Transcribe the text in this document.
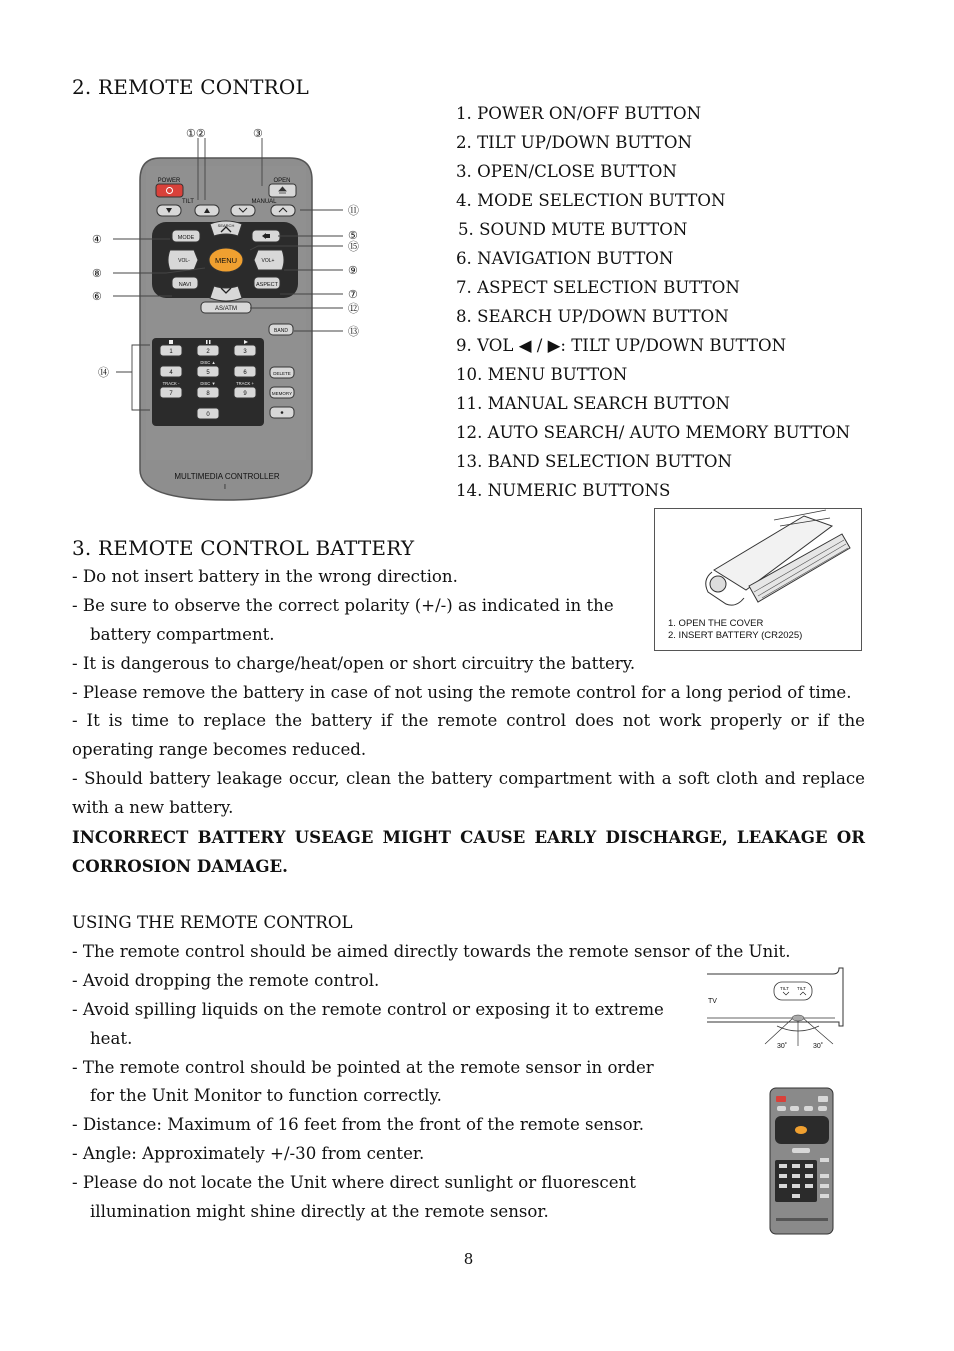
2. REMOTE CONTROL
1. POWER ON/OFF BUTTON
2. TILT UP/DOWN BUTTON
3. OPEN/CLOSE BUTTON
4. MODE SELECTION BUTTON
5. SOUND MUTE BUTTON
6. NAVIGATION BUTTON
7. ASPECT SELECTION BUTTON
8. SEARCH UP/DOWN BUTTON
9. VOL ◀ / ▶: TILT UP/DOWN BUTTON
10. MENU BUTTON
11. MANUAL SEARCH BUTTON
12. AUTO SEARCH/ AUTO MEMORY BUTTON
13. BAND SELECTION BUTTON
14. NUMERIC BUTTONS
POWER	OPEN
TILT	MANUAL
MODE
SEARCH
VOL-	VOL+
MENU
NAVI	ASPECT
AS/ATM
BAND
1	2	3
4	5	6
7	8	9
0
DISC ▲
TRACK -	DISC ▼	TRACK +
DELETE
MEMORY
MULTIMEDIA CONTROLLER
I
①②	③
④
⑧
⑥
⑪
⑤
⑮
⑨
⑦
⑫
⑬
⑭
1. OPEN THE COVER
2. INSERT BATTERY (CR2025)
3. REMOTE CONTROL BATTERY
- Do not insert battery in the wrong direction.
- Be sure to observe the correct polarity (+/-) as indicated in the
battery compartment.
- It is dangerous to charge/heat/open or short circuitry the battery.
- Please remove the battery in case of not using the remote control for a long period of time.
- It is time to replace the battery if the remote control does not work properly or if the
operating range becomes reduced.
- Should battery leakage occur, clean the battery compartment with a soft cloth and replace
with a new battery.
INCORRECT BATTERY USEAGE MIGHT CAUSE EARLY DISCHARGE, LEAKAGE OR
CORROSION DAMAGE.
USING THE REMOTE CONTROL
- The remote control should be aimed directly towards the remote sensor of the Unit.
- Avoid dropping the remote control.
- Avoid spilling liquids on the remote control or exposing it to extreme
heat.
- The remote control should be pointed at the remote sensor in order
for the Unit Monitor to function correctly.
- Distance: Maximum of 16 feet from the front of the remote sensor.
- Angle: Approximately +/-30 from center.
- Please do not locate the Unit where direct sunlight or fluorescent
illumination might shine directly at the remote sensor.
TV
TILT TILT
30˚	30˚
8
